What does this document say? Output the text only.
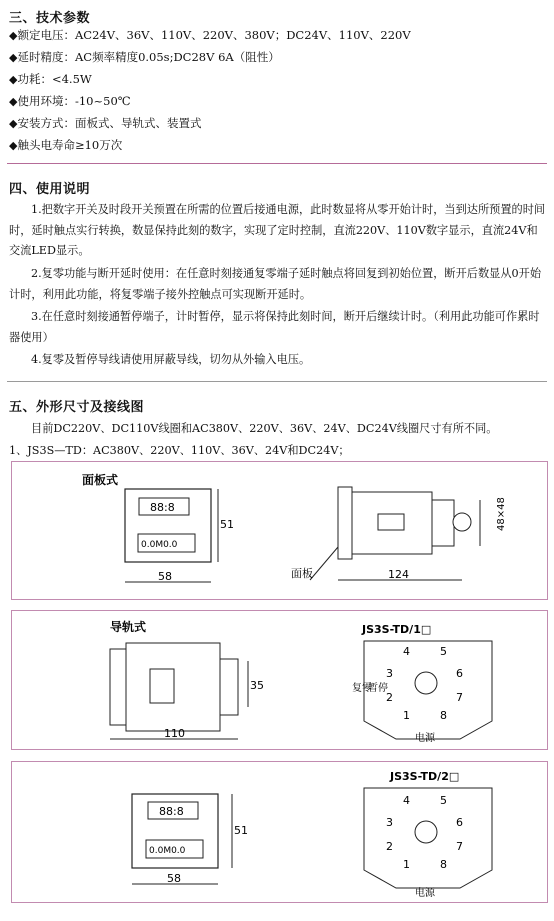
三、技术参数
◆额定电压：AC24V、36V、110V、220V、380V；DC24V、110V、220V
◆延时精度：AC频率精度0.05s;DC28V 6A（阻性）
◆功耗：<4.5W
◆使用环境：-10~50℃
◆安装方式：面板式、导轨式、装置式
◆触头电寿命≥10万次
四、使用说明
1.把数字开关及时段开关预置在所需的位置后接通电源，此时数显将从零开始计时，当到达所预置的时间时，延时触点实行转换，数显保持此刻的数字，实现了定时控制，直流220V、110V数字显示，直流24V和交流LED显示。
2.复零功能与断开延时使用：在任意时刻接通复零端子延时触点将回复到初始位置，断开后数显从0开始计时，利用此功能，将复零端子接外控触点可实现断开延时。
3.在任意时刻接通暂停端子，计时暂停，显示将保持此刻时间，断开后继续计时。（利用此功能可作累时器使用）
4.复零及暂停导线请使用屏蔽导线，切勿从外输入电压。
五、外形尺寸及接线图
目前DC220V、DC110V线圈和AC380V、220V、36V、24V、DC24V线圈尺寸有所不同。
1、JS3S—TD：AC380V、220V、110V、36V、24V和DC24V；
面板式
88:8
0.0M0.0
51
58
48×48
面板	124
导轨式
35
110
JS3S-TD/1□
4	5
3	6
2	7
1	8
复零
暂停
电源
88:8
0.0M0.0
51
58
JS3S-TD/2□
4	5
3	6
2	7
1	8
电源
